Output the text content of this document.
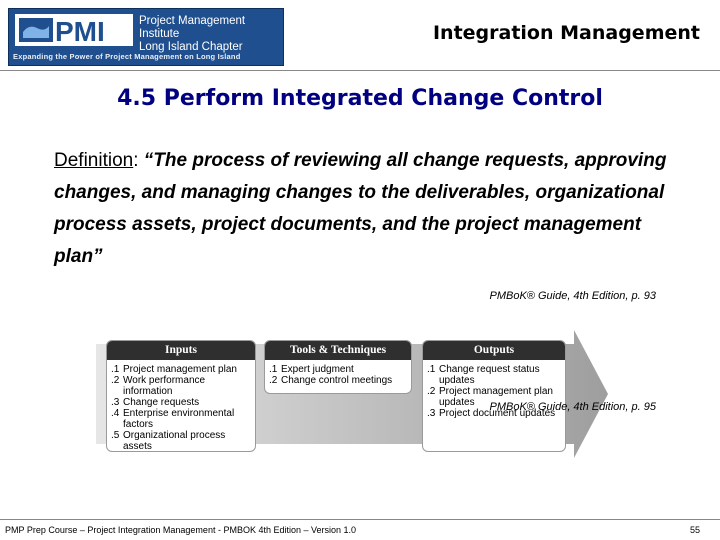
PMI	Project Management Institute
Long Island Chapter
Expanding the Power of Project Management on Long Island
Integration Management
4.5 Perform Integrated Change Control
Definition: “The process of reviewing all change requests, approving changes, and managing changes to the deliverables, organizational process assets, project documents, and the project management plan”
PMBoK® Guide, 4th Edition, p. 93
Inputs
.1 Project management plan
.2 Work performance information
.3 Change requests
.4 Enterprise environmental factors
.5 Organizational process assets
Tools & Techniques
.1 Expert judgment
.2 Change control meetings
Outputs
.1 Change request status updates
.2 Project management plan updates
.3 Project document updates
PMBoK® Guide, 4th Edition, p. 95
PMP Prep Course – Project Integration Management - PMBOK 4th Edition – Version 1.0	55
